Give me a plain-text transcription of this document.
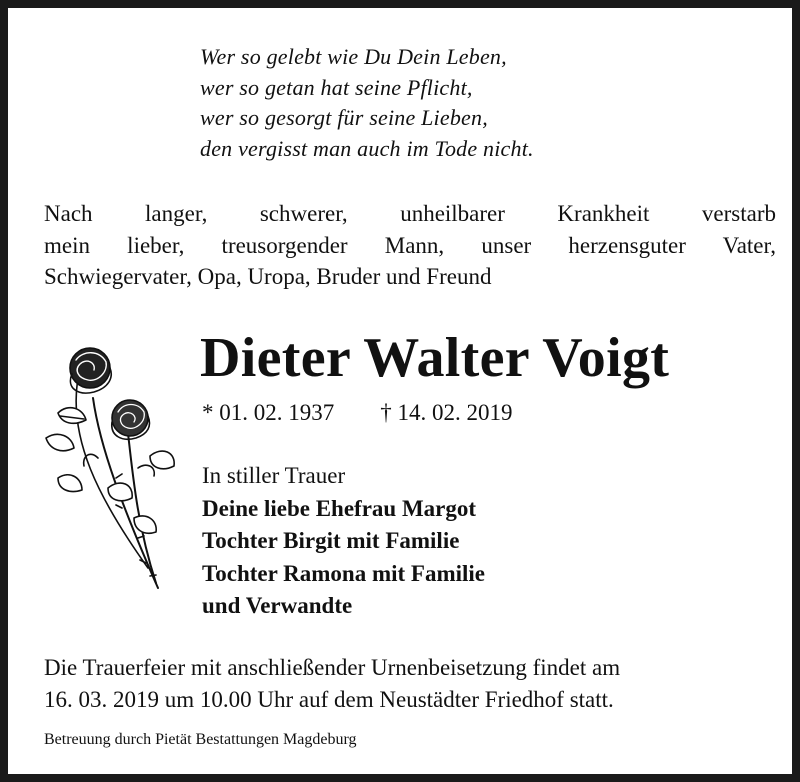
Wer so gelebt wie Du Dein Leben,
wer so getan hat seine Pflicht,
wer so gesorgt für seine Lieben,
den vergisst man auch im Tode nicht.
Nach langer, schwerer, unheilbarer Krankheit verstarb
mein lieber, treusorgender Mann, unser herzensguter Vater,
Schwiegervater, Opa, Uropa, Bruder und Freund
Dieter Walter Voigt
* 01. 02. 1937 † 14. 02. 2019
In stiller Trauer
Deine liebe Ehefrau Margot
Tochter Birgit mit Familie
Tochter Ramona mit Familie
und Verwandte
Die Trauerfeier mit anschließender Urnenbeisetzung findet am
16. 03. 2019 um 10.00 Uhr auf dem Neustädter Friedhof statt.
Betreuung durch Pietät Bestattungen Magdeburg
